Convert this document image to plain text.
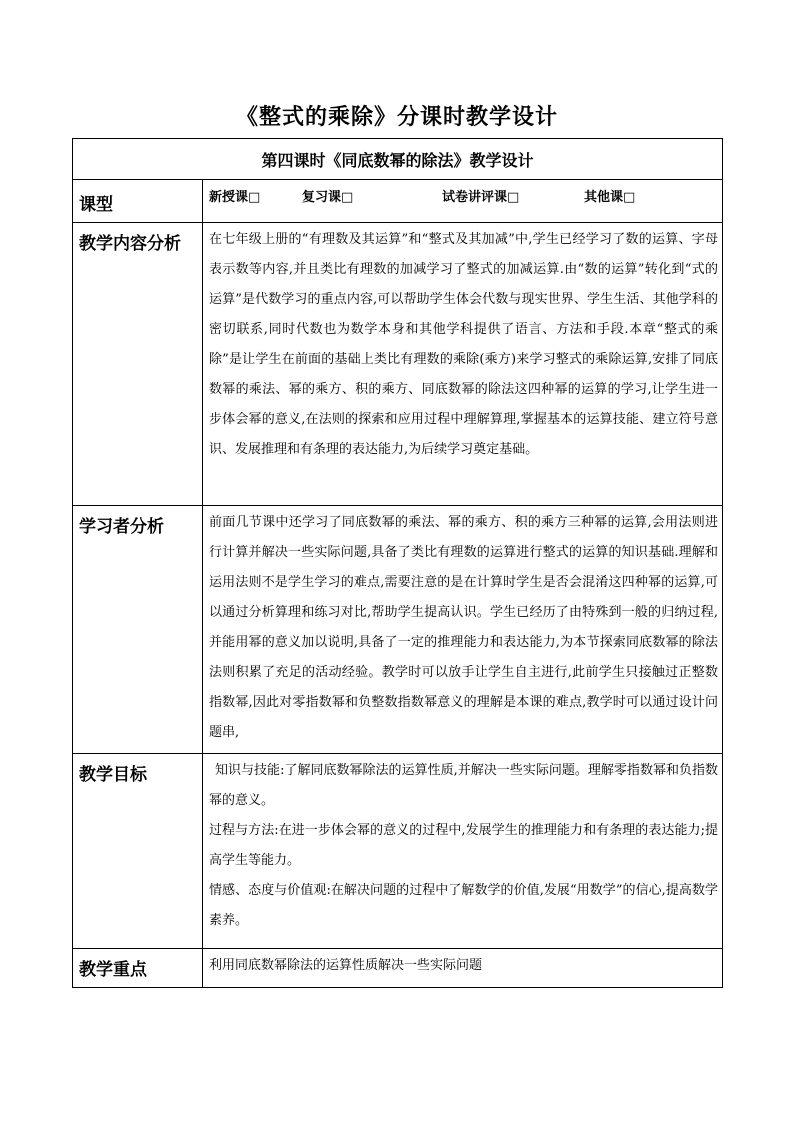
《整式的乘除》分课时教学设计
第四课时《同底数幂的除法》教学设计	
课型	新授课□ 复习课□ 试卷讲评课□ 其他课□

教学内容分析	在七年级上册的“有理数及其运算”和“整式及其加减”中,学生已经学习了数的运算、字母表示数等内容,并且类比有理数的加减学习了整式的加减运算.由“数的运算”转化到“式的运算”是代数学习的重点内容,可以帮助学生体会代数与现实世界、学生生活、其他学科的密切联系,同时代数也为数学本身和其他学科提供了语言、方法和手段.本章“整式的乘除”是让学生在前面的基础上类比有理数的乘除(乘方)来学习整式的乘除运算,安排了同底数幂的乘法、幂的乘方、积的乘方、同底数幂的除法这四种幂的运算的学习,让学生进一步体会幂的意义,在法则的探索和应用过程中理解算理,掌握基本的运算技能、建立符号意识、发展推理和有条理的表达能力,为后续学习奠定基础。

学习者分析	前面几节课中还学习了同底数幂的乘法、幂的乘方、积的乘方三种幂的运算,会用法则进行计算并解决一些实际问题,具备了类比有理数的运算进行整式的运算的知识基础.理解和运用法则不是学生学习的难点,需要注意的是在计算时学生是否会混淆这四种幂的运算,可以通过分析算理和练习对比,帮助学生提高认识。学生已经历了由特殊到一般的归纳过程,并能用幂的意义加以说明,具备了一定的推理能力和表达能力,为本节探索同底数幂的除法法则积累了充足的活动经验。教学时可以放手让学生自主进行,此前学生只接触过正整数指数幂,因此对零指数幂和负整数指数幂意义的理解是本课的难点,教学时可以通过设计问题串,

教学目标	知识与技能:了解同底数幂除法的运算性质,并解决一些实际问题。理解零指数幂和负指数幂的意义。

过程与方法:在进一步体会幂的意义的过程中,发展学生的推理能力和有条理的表达能力;提高学生等能力。

情感、态度与价值观:在解决问题的过程中了解数学的价值,发展“用数学”的信心,提高数学素养。

教学重点	利用同底数幂除法的运算性质解决一些实际问题
